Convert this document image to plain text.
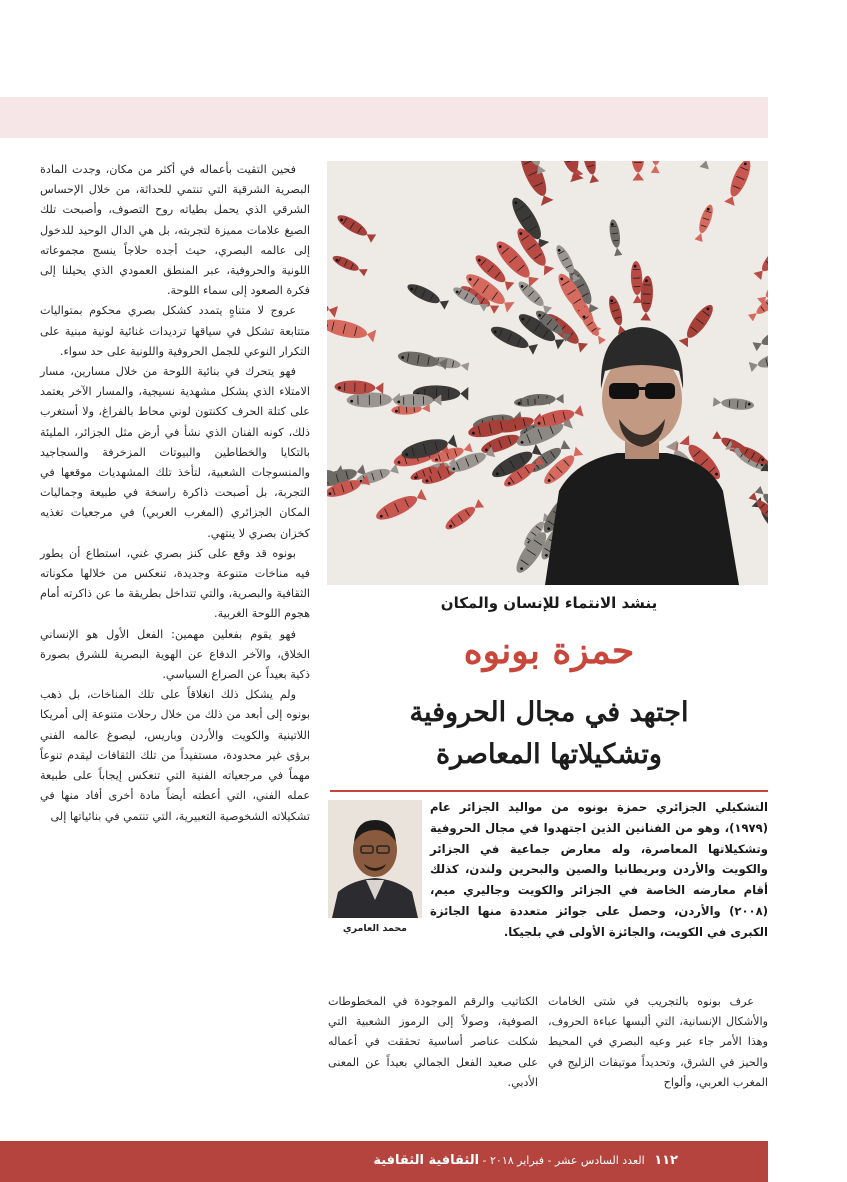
فحين التقيت بأعماله في أكثر من مكان، وجدت المادة البصرية الشرقية التي تنتمي للحداثة، من خلال الإحساس الشرقي الذي يحمل بطياته روح التصوف، وأصبحت تلك الصيغ علامات مميزة لتجربته، بل هي الدال الوحيد للدخول إلى عالمه البصري، حيث أجده حلاجاً ينسج مجموعاته اللونية والحروفية، عبر المنطق العمودي الذي يحيلنا إلى فكرة الصعود إلى سماء اللوحة.

عروج لا متناهٍ يتمدد كشكل بصري محكوم بمتواليات متتابعة تشكل في سياقها ترديدات غنائية لونية مبنية على التكرار النوعي للجمل الحروفية واللونية على حد سواء.

فهو يتحرك في بنائية اللوحة من خلال مسارين، مسار الامتلاء الذي يشكل مشهدية نسيجية، والمسار الآخر يعتمد على كتلة الحرف ككنتون لوني محاط بالفراغ، ولا أستغرب ذلك، كونه الفنان الذي نشأ في أرض مثل الجزائر، المليئة بالتكايا والخطاطين والبيوتات المزخرفة والسجاجيد والمنسوجات الشعبية، لتأخذ تلك المشهديات موقعها في التجربة، بل أصبحت ذاكرة راسخة في طبيعة وجماليات المكان الجزائري (المغرب العربي) في مرجعيات تغذيه كخزان بصري لا ينتهي.

بونوه قد وقع على كنز بصري غني، استطاع أن يطور فيه مناخات متنوعة وجديدة، تنعكس من خلالها مكوناته الثقافية والبصرية، والتي تتداخل بطريقة ما عن ذاكرته أمام هجوم اللوحة الغربية.

فهو يقوم بفعلين مهمين: الفعل الأول هو الإنساني الخلاق، والآخر الدفاع عن الهوية البصرية للشرق بصورة ذكية بعيداً عن الصراع السياسي.

ولم يشكل ذلك انغلاقاً على تلك المناخات، بل ذهب بونوه إلى أبعد من ذلك من خلال رحلات متنوعة إلى أمريكا اللاتينية والكويت والأردن وباريس، ليصوغ عالمه الفني برؤى غير محدودة، مستفيداً من تلك الثقافات ليقدم تنوعاً مهماً في مرجعياته الفنية التي تنعكس إيجاباً على طبيعة عمله الفني، التي أعطته أيضاً مادة أخرى أفاد منها في تشكيلاته الشخوصية التعبيرية، التي تنتمي في بنائياتها إلى

ينشد الانتماء للإنسان والمكان
حمزة بونوه
اجتهد في مجال الحروفية
وتشكيلاتها المعاصرة
محمد العامري
التشكيلي الجزائري حمزة بونوه من مواليد الجزائر عام (١٩٧٩)، وهو من الفنانين الذين اجتهدوا في مجال الحروفية وتشكيلاتها المعاصرة، وله معارض جماعية في الجزائر والكويت والأردن وبريطانيا والصين والبحرين ولندن، كذلك أقام معارضه الخاصة في الجزائر والكويت وجاليري ميم، (٢٠٠٨) والأردن، وحصل على جوائز متعددة منها الجائزة الكبرى في الكويت، والجائزة الأولى في بلجيكا.

عرف بونوه بالتجريب في شتى الخامات والأشكال الإنسانية، التي ألبسها عباءة الحروف، وهذا الأمر جاء عبر وعيه البصري في المحيط والحيز في الشرق، وتحديداً موتيفات الزليج في المغرب العربي، وألواح

الكتاتيب والرقم الموجودة في المخطوطات الصوفية، وصولاً إلى الرموز الشعبية التي شكلت عناصر أساسية تحققت في أعماله على صعيد الفعل الجمالي بعيداً عن المعنى الأدبي.

١١٢ العدد السادس عشر - فبراير ٢٠١٨ - الثقافية الثقافية
